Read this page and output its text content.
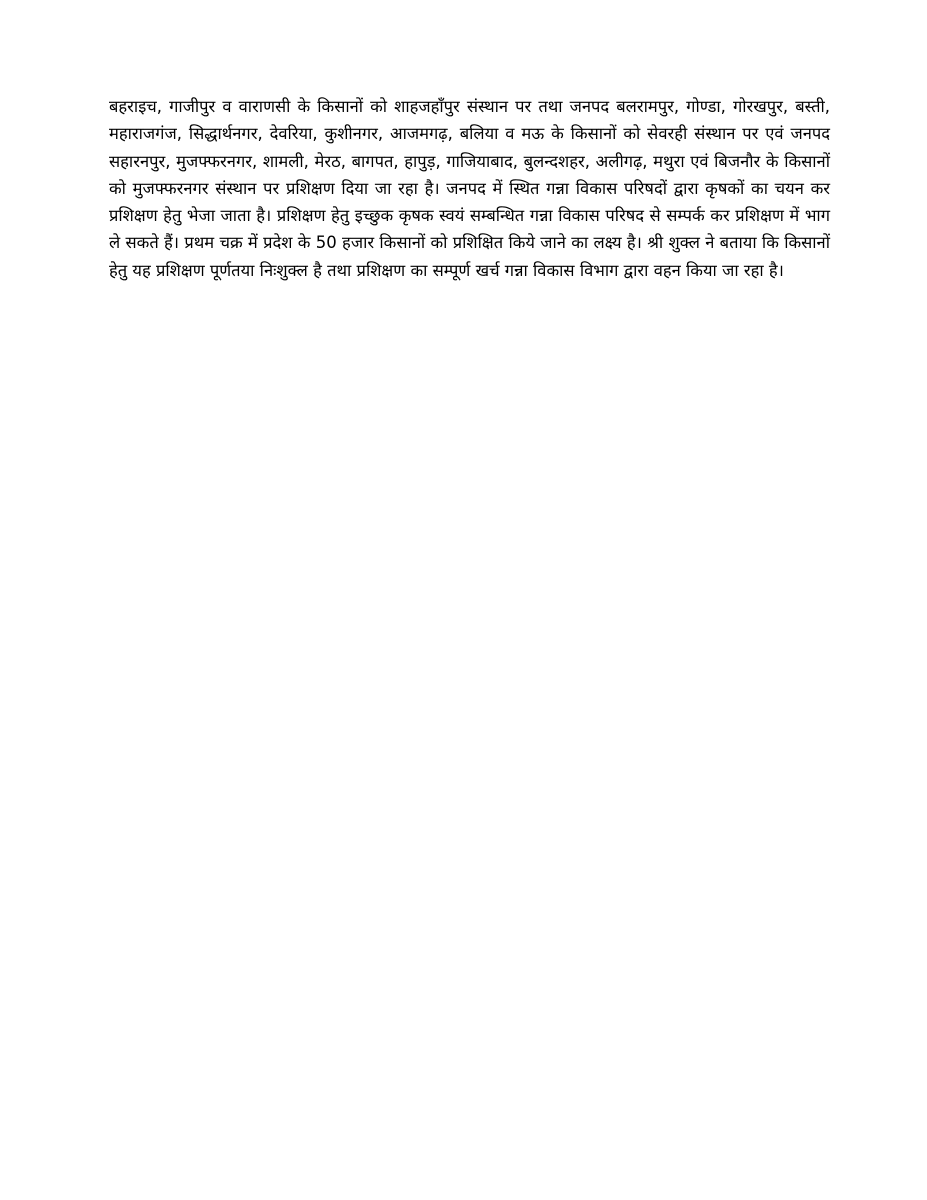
बहराइच, गाजीपुर व वाराणसी के किसानों को शाहजहाँपुर संस्थान पर तथा जनपद बलरामपुर, गोण्डा, गोरखपुर, बस्ती, महाराजगंज, सिद्धार्थनगर, देवरिया, कुशीनगर, आजमगढ़, बलिया व मऊ के किसानों को सेवरही संस्थान पर एवं जनपद सहारनपुर, मुजफ्फरनगर, शामली, मेरठ, बागपत, हापुड़, गाजियाबाद, बुलन्दशहर, अलीगढ़, मथुरा एवं बिजनौर के किसानों को मुजफ्फरनगर संस्थान पर प्रशिक्षण दिया जा रहा है। जनपद में स्थित गन्ना विकास परिषदों द्वारा कृषकों का चयन कर प्रशिक्षण हेतु भेजा जाता है। प्रशिक्षण हेतु इच्छुक कृषक स्वयं सम्बन्धित गन्ना विकास परिषद से सम्पर्क कर प्रशिक्षण में भाग ले सकते हैं। प्रथम चक्र में प्रदेश के 50 हजार किसानों को प्रशिक्षित किये जाने का लक्ष्य है। श्री शुक्ल ने बताया कि किसानों हेतु यह प्रशिक्षण पूर्णतया निःशुक्ल है तथा प्रशिक्षण का सम्पूर्ण खर्च गन्ना विकास विभाग द्वारा वहन किया जा रहा है।
